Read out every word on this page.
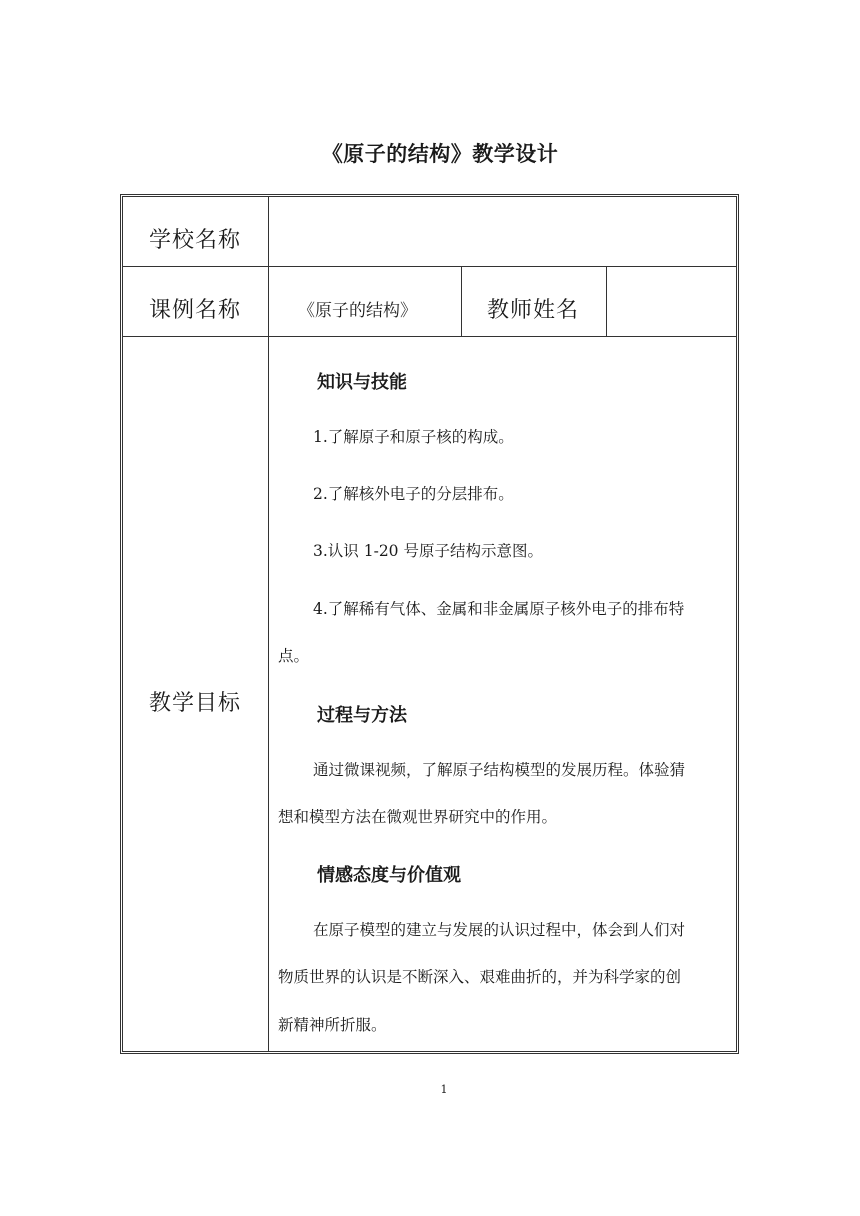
《原子的结构》教学设计
学校名称
课例名称	《原子的结构》	教师姓名
教学目标
知识与技能
1.了解原子和原子核的构成。
2.了解核外电子的分层排布。
3.认识 1-20 号原子结构示意图。
4.了解稀有气体、金属和非金属原子核外电子的排布特
点。
过程与方法
通过微课视频，了解原子结构模型的发展历程。体验猜
想和模型方法在微观世界研究中的作用。
情感态度与价值观
在原子模型的建立与发展的认识过程中，体会到人们对
物质世界的认识是不断深入、艰难曲折的，并为科学家的创
新精神所折服。
1
